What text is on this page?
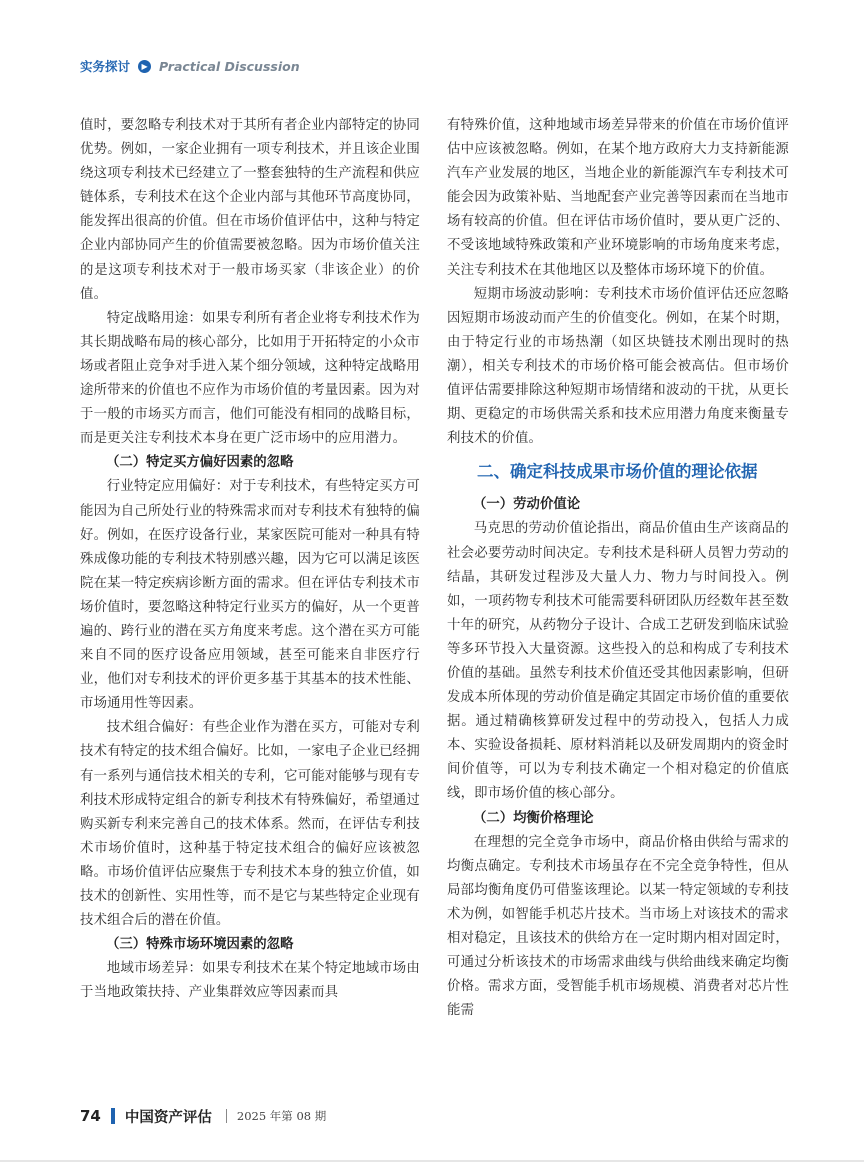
实务探讨	▶ Practical Discussion

值时，要忽略专利技术对于其所有者企业内部特定的协同优势。例如，一家企业拥有一项专利技术，并且该企业围绕这项专利技术已经建立了一整套独特的生产流程和供应链体系，专利技术在这个企业内部与其他环节高度协同，能发挥出很高的价值。但在市场价值评估中，这种与特定企业内部协同产生的价值需要被忽略。因为市场价值关注的是这项专利技术对于一般市场买家（非该企业）的价值。

特定战略用途：如果专利所有者企业将专利技术作为其长期战略布局的核心部分，比如用于开拓特定的小众市场或者阻止竞争对手进入某个细分领域，这种特定战略用途所带来的价值也不应作为市场价值的考量因素。因为对于一般的市场买方而言，他们可能没有相同的战略目标，而是更关注专利技术本身在更广泛市场中的应用潜力。

（二）特定买方偏好因素的忽略

行业特定应用偏好：对于专利技术，有些特定买方可能因为自己所处行业的特殊需求而对专利技术有独特的偏好。例如，在医疗设备行业，某家医院可能对一种具有特殊成像功能的专利技术特别感兴趣，因为它可以满足该医院在某一特定疾病诊断方面的需求。但在评估专利技术市场价值时，要忽略这种特定行业买方的偏好，从一个更普遍的、跨行业的潜在买方角度来考虑。这个潜在买方可能来自不同的医疗设备应用领域，甚至可能来自非医疗行业，他们对专利技术的评价更多基于其基本的技术性能、市场通用性等因素。

技术组合偏好：有些企业作为潜在买方，可能对专利技术有特定的技术组合偏好。比如，一家电子企业已经拥有一系列与通信技术相关的专利，它可能对能够与现有专利技术形成特定组合的新专利技术有特殊偏好，希望通过购买新专利来完善自己的技术体系。然而，在评估专利技术市场价值时，这种基于特定技术组合的偏好应该被忽略。市场价值评估应聚焦于专利技术本身的独立价值，如技术的创新性、实用性等，而不是它与某些特定企业现有技术组合后的潜在价值。

（三）特殊市场环境因素的忽略

地域市场差异：如果专利技术在某个特定地域市场由于当地政策扶持、产业集群效应等因素而具

有特殊价值，这种地域市场差异带来的价值在市场价值评估中应该被忽略。例如，在某个地方政府大力支持新能源汽车产业发展的地区，当地企业的新能源汽车专利技术可能会因为政策补贴、当地配套产业完善等因素而在当地市场有较高的价值。但在评估市场价值时，要从更广泛的、不受该地域特殊政策和产业环境影响的市场角度来考虑，关注专利技术在其他地区以及整体市场环境下的价值。

短期市场波动影响：专利技术市场价值评估还应忽略因短期市场波动而产生的价值变化。例如，在某个时期，由于特定行业的市场热潮（如区块链技术刚出现时的热潮），相关专利技术的市场价格可能会被高估。但市场价值评估需要排除这种短期市场情绪和波动的干扰，从更长期、更稳定的市场供需关系和技术应用潜力角度来衡量专利技术的价值。

二、确定科技成果市场价值的理论依据

（一）劳动价值论

马克思的劳动价值论指出，商品价值由生产该商品的社会必要劳动时间决定。专利技术是科研人员智力劳动的结晶，其研发过程涉及大量人力、物力与时间投入。例如，一项药物专利技术可能需要科研团队历经数年甚至数十年的研究，从药物分子设计、合成工艺研发到临床试验等多环节投入大量资源。这些投入的总和构成了专利技术价值的基础。虽然专利技术价值还受其他因素影响，但研发成本所体现的劳动价值是确定其固定市场价值的重要依据。通过精确核算研发过程中的劳动投入，包括人力成本、实验设备损耗、原材料消耗以及研发周期内的资金时间价值等，可以为专利技术确定一个相对稳定的价值底线，即市场价值的核心部分。

（二）均衡价格理论

在理想的完全竞争市场中，商品价格由供给与需求的均衡点确定。专利技术市场虽存在不完全竞争特性，但从局部均衡角度仍可借鉴该理论。以某一特定领域的专利技术为例，如智能手机芯片技术。当市场上对该技术的需求相对稳定，且该技术的供给方在一定时期内相对固定时，可通过分析该技术的市场需求曲线与供给曲线来确定均衡价格。需求方面，受智能手机市场规模、消费者对芯片性能需

74 中国资产评估 2025 年第 08 期
